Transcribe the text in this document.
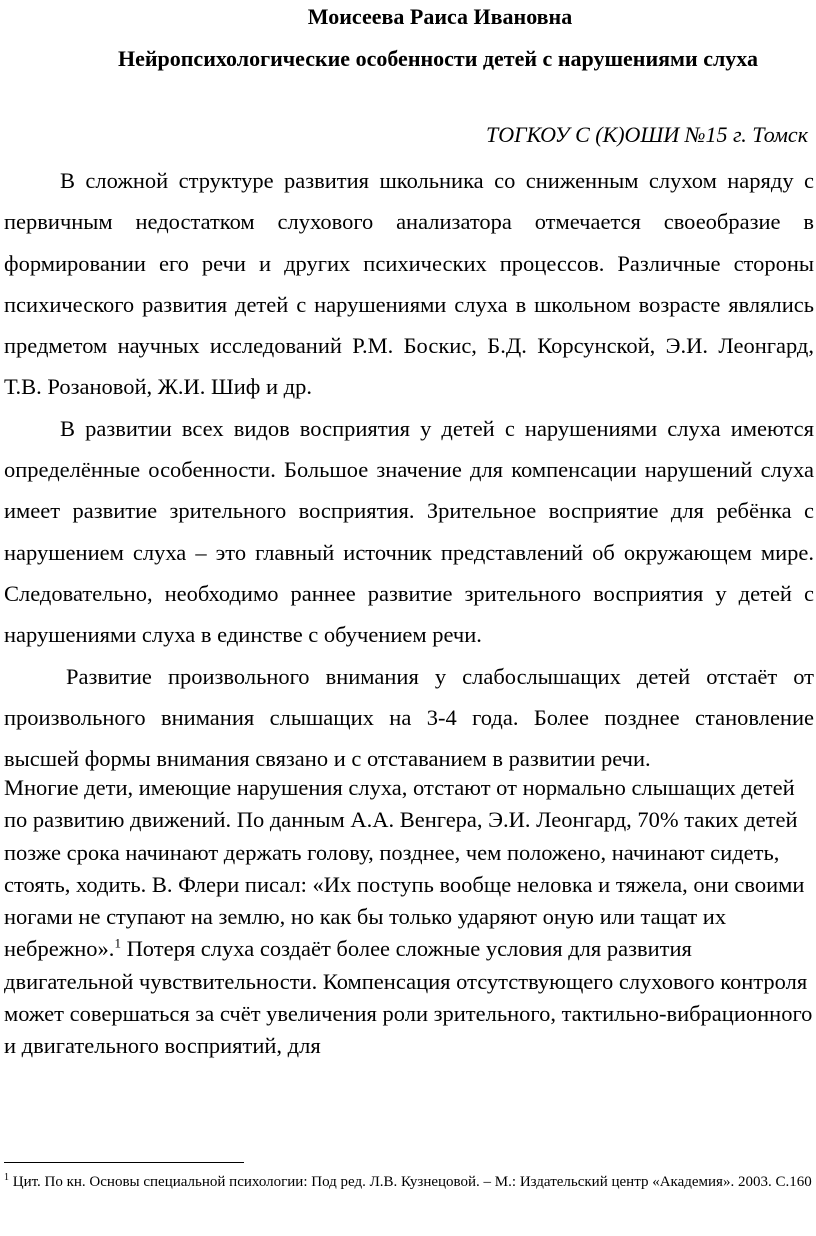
Моисеева Раиса Ивановна
Нейропсихологические особенности детей с нарушениями слуха
ТОГКОУ С (К)ОШИ №15 г. Томск

В сложной структуре развития школьника со сниженным слухом наряду с первичным недостатком слухового анализатора отмечается своеобразие в формировании его речи и других психических процессов. Различные стороны психического развития детей с нарушениями слуха в школьном возрасте являлись предметом научных исследований Р.М. Боскис, Б.Д. Корсунской, Э.И. Леонгард, Т.В. Розановой, Ж.И. Шиф и др.

В развитии всех видов восприятия у детей с нарушениями слуха имеются определённые особенности. Большое значение для компенсации нарушений слуха имеет развитие зрительного восприятия. Зрительное восприятие для ребёнка с нарушением слуха – это главный источник представлений об окружающем мире. Следовательно, необходимо раннее развитие зрительного восприятия у детей с нарушениями слуха в единстве с обучением речи.

Развитие произвольного внимания у слабослышащих детей отстаёт от произвольного внимания слышащих на 3-4 года. Более позднее становление высшей формы внимания связано и с отставанием в развитии речи.

Многие дети, имеющие нарушения слуха, отстают от нормально слышащих детей по развитию движений. По данным А.А. Венгера, Э.И. Леонгард, 70% таких детей позже срока начинают держать голову, позднее, чем положено, начинают сидеть, стоять, ходить. В. Флери писал: «Их поступь вообще неловка и тяжела, они своими ногами не ступают на землю, но как бы только ударяют оную или тащат их небрежно».$^1$ Потеря слуха создаёт более сложные условия для развития двигательной чувствительности. Компенсация отсутствующего слухового контроля может совершаться за счёт увеличения роли зрительного, тактильно-вибрационного и двигательного восприятий, для

$^1$ Цит. По кн. Основы специальной психологии: Под ред. Л.В. Кузнецовой. – М.: Издательский центр «Академия». 2003. С.160
